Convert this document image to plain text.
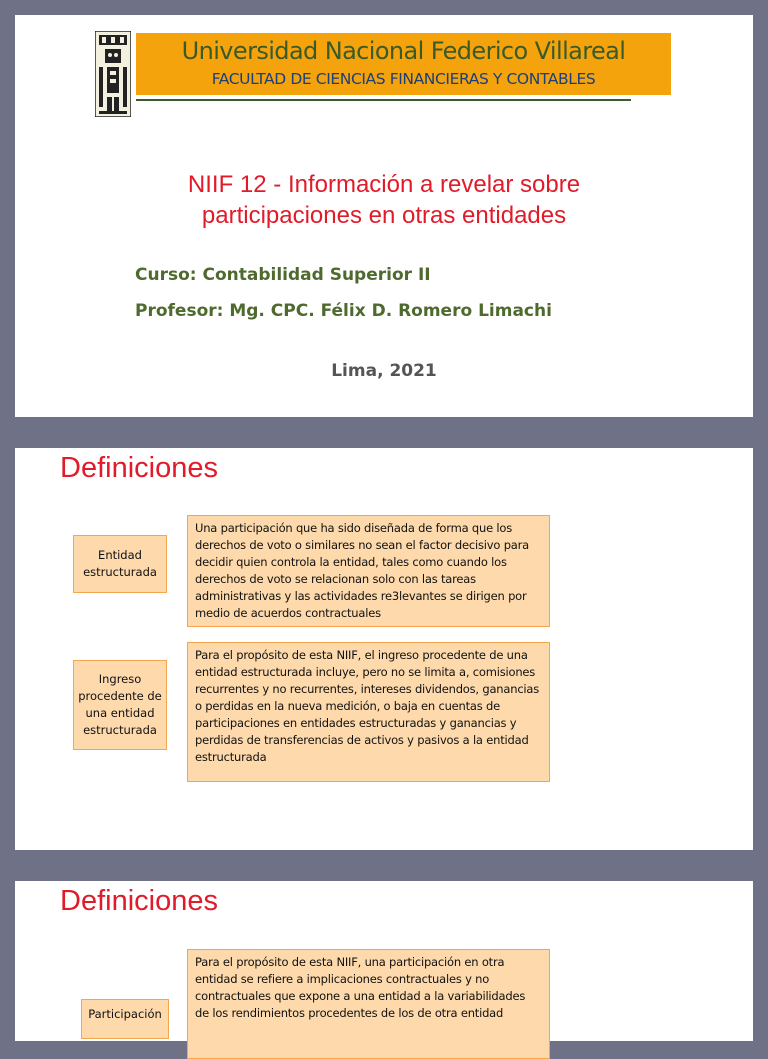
Universidad Nacional Federico Villareal
FACULTAD DE CIENCIAS FINANCIERAS Y CONTABLES
NIIF 12 - Información a revelar sobre
participaciones en otras entidades
Curso: Contabilidad Superior II
Profesor: Mg. CPC. Félix D. Romero Limachi
Lima, 2021
Definiciones
Entidad estructurada
Una participación que ha sido diseñada de forma que los derechos de voto o similares no sean el factor decisivo para decidir quien controla la entidad, tales como cuando los derechos de voto se relacionan solo con las tareas administrativas y las actividades re3levantes se dirigen por medio de acuerdos contractuales
Ingreso procedente de una entidad estructurada
Para el propósito de esta NIIF, el ingreso procedente de una entidad estructurada incluye, pero no se limita a, comisiones recurrentes y no recurrentes, intereses dividendos, ganancias o perdidas en la nueva medición, o baja en cuentas de participaciones en entidades estructuradas y ganancias y perdidas de transferencias de activos y pasivos a la entidad estructurada
Definiciones
Participación
Para el propósito de esta NIIF, una participación en otra entidad se refiere a implicaciones contractuales y no contractuales que expone a una entidad a la variabilidades de los rendimientos procedentes de los de otra entidad
